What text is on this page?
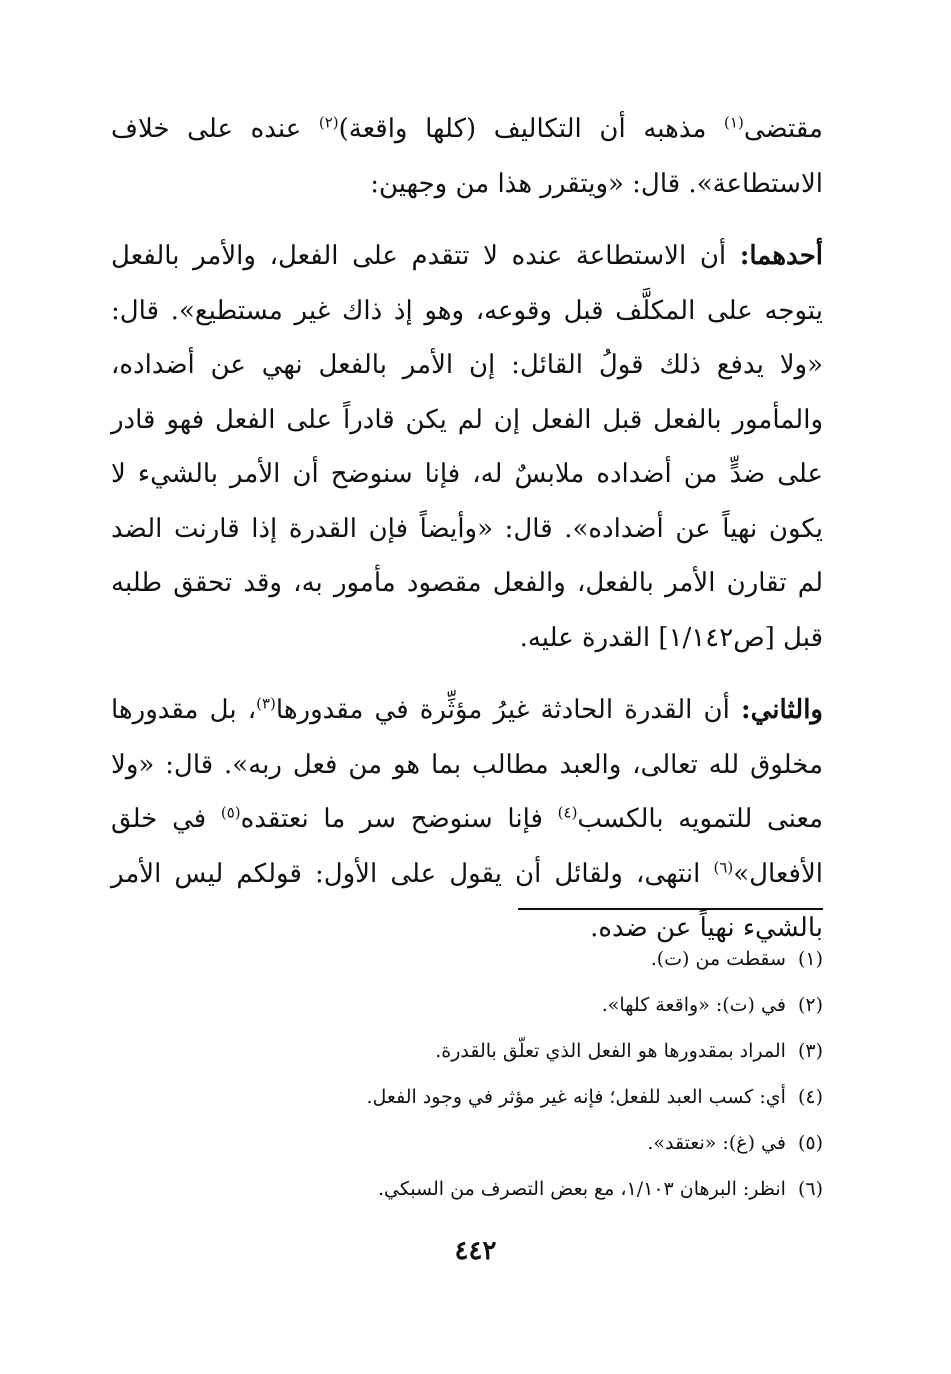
مقتضى$^{(١)}$ مذهبه أن التكاليف (كلها واقعة)$^{(٢)}$ عنده على خلاف الاستطاعة». قال: «ويتقرر هذا من وجهين:

أحدهما: أن الاستطاعة عنده لا تتقدم على الفعل، والأمر بالفعل يتوجه على المكلَّف قبل وقوعه، وهو إذ ذاك غير مستطيع». قال: «ولا يدفع ذلك قولُ القائل: إن الأمر بالفعل نهي عن أضداده، والمأمور بالفعل قبل الفعل إن لم يكن قادراً على الفعل فهو قادر على ضدٍّ من أضداده ملابسٌ له، فإنا سنوضح أن الأمر بالشيء لا يكون نهياً عن أضداده». قال: «وأيضاً فإن القدرة إذا قارنت الضد لم تقارن الأمر بالفعل، والفعل مقصود مأمور به، وقد تحقق طلبه قبل [ص١/١٤٢] القدرة عليه.

والثاني: أن القدرة الحادثة غيرُ مؤثِّرة في مقدورها$^{(٣)}$، بل مقدورها مخلوق لله تعالى، والعبد مطالب بما هو من فعل ربه». قال: «ولا معنى للتمويه بالكسب$^{(٤)}$ فإنا سنوضح سر ما نعتقده$^{(٥)}$ في خلق الأفعال»$^{(٦)}$ انتهى، ولقائل أن يقول على الأول: قولكم ليس الأمر بالشيء نهياً عن ضده.

(١)سقطت من (ت).
(٢)في (ت): «واقعة كلها».
(٣)المراد بمقدورها هو الفعل الذي تعلّق بالقدرة.
(٤)أي: كسب العبد للفعل؛ فإنه غير مؤثر في وجود الفعل.
(٥)في (غ): «نعتقد».
(٦)انظر: البرهان ١/١٠٣، مع بعض التصرف من السبكي.
٤٤٢
